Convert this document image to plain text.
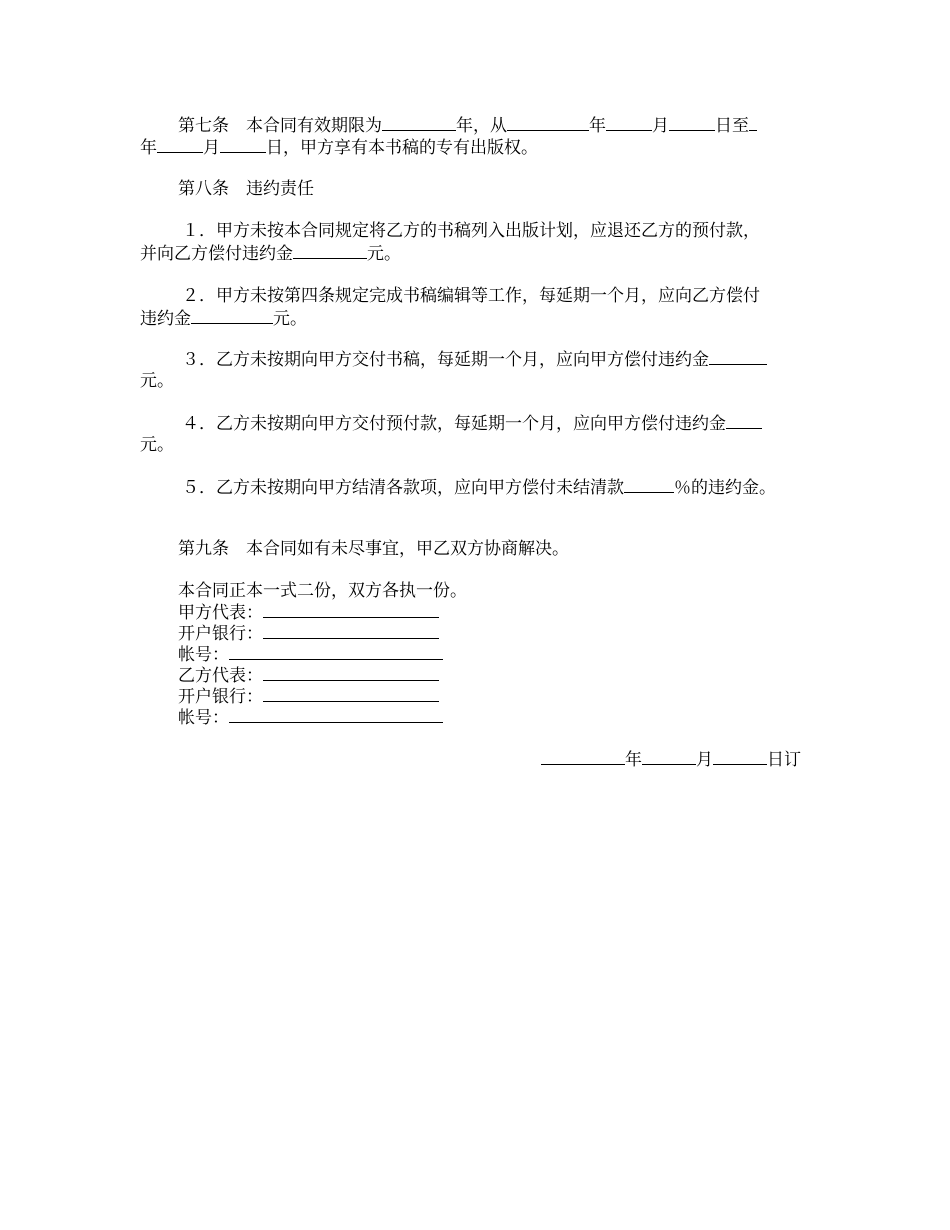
第七条　本合同有效期限为	年，从	年	月	日至
年	月	日，甲方享有本书稿的专有出版权。
第八条　违约责任
１．甲方未按本合同规定将乙方的书稿列入出版计划，应退还乙方的预付款，
并向乙方偿付违约金	元。
２．甲方未按第四条规定完成书稿编辑等工作，每延期一个月，应向乙方偿付
违约金	元。
３．乙方未按期向甲方交付书稿，每延期一个月，应向甲方偿付违约金
元。
４．乙方未按期向甲方交付预付款，每延期一个月，应向甲方偿付违约金
元。
５．乙方未按期向甲方结清各款项，应向甲方偿付未结清款	％的违约金。
第九条　本合同如有未尽事宜，甲乙双方协商解决。
本合同正本一式二份，双方各执一份。
甲方代表：
开户银行：
帐号：
乙方代表：
开户银行：
帐号：
年	月	日订
